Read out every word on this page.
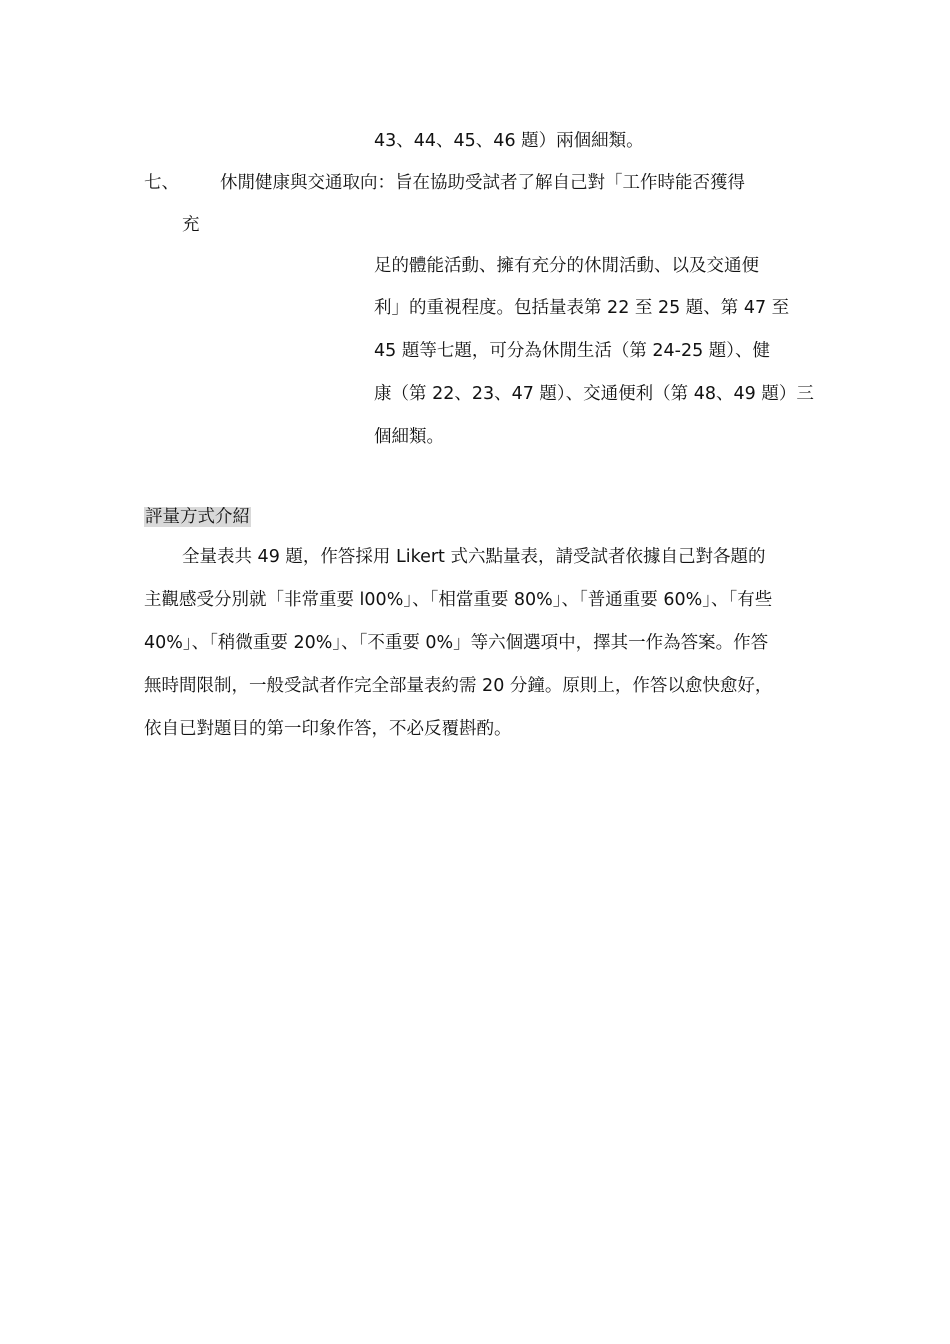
43、44、45、46 題）兩個細類。
七、 休閒健康與交通取向：旨在協助受試者了解自己對「工作時能否獲得
充
足的體能活動、擁有充分的休閒活動、以及交通便
利」的重視程度。包括量表第 22 至 25 題、第 47 至
45 題等七題，可分為休閒生活（第 24-25 題）、健
康（第 22、23、47 題）、交通便利（第 48、49 題）三
個細類。
評量方式介紹
全量表共 49 題，作答採用 Likert 式六點量表，請受試者依據自己對各題的
主觀感受分別就「非常重要 l00%」、「相當重要 80%」、「普通重要 60%」、「有些
40%」、「稍微重要 20%」、「不重要 0%」等六個選項中，擇其一作為答案。作答
無時間限制，一般受試者作完全部量表約需 20 分鐘。原則上，作答以愈快愈好，
依自已對題目的第一印象作答，不必反覆斟酌。
